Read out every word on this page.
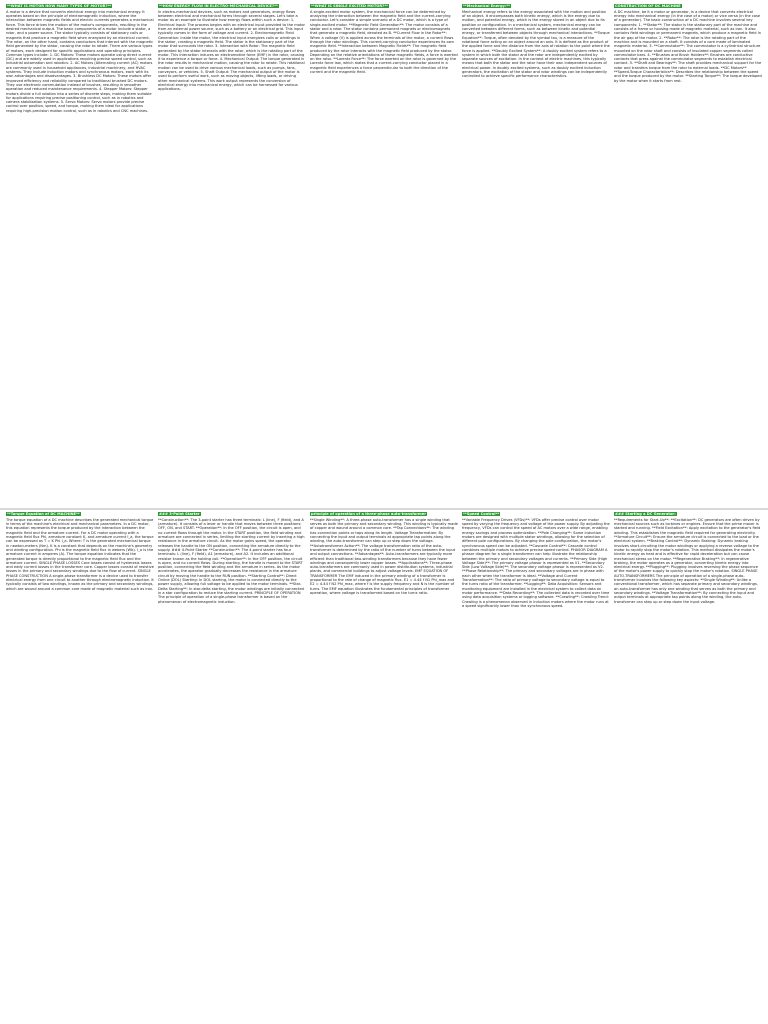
**WHAT IS MOTOR HOW MANY TYPES OF MOTOR?**

A motor is a device that converts electrical energy into mechanical energy. It operates based on the principle of electromagnetic induction, where the interaction between magnetic fields and electric currents generates a mechanical force. This force drives the motion of the motor's components, resulting in the desired mechanical output. The basic components of a motor include a stator, a rotor, and a power source. The stator typically consists of stationary coils or magnets that produce a magnetic field when energized by an electrical current. The rotor, on the other hand, contains conductors that interact with the magnetic field generated by the stator, causing the rotor to rotate. There are various types of motors, each designed for specific applications and operating principles. Common types include: 1. DC Motors: These motors operate using direct current (DC) and are widely used in applications requiring precise speed control, such as industrial automation and robotics. 2. AC Motors (Alternating current (AC) motors are commonly used in household appliances, industrial machinery, and HVAC systems. They include induction motors and synchronous motors, each with its own advantages and disadvantages. 3. Brushless DC Motors: These motors offer improved efficiency and reliability compared to traditional brushed DC motors. They use electronic commutation instead of brushes, resulting in smoother operation and reduced maintenance requirements. 4. Stepper Motors: Stepper motors divide a full rotation into a series of discrete steps, making them suitable for applications requiring precise positioning control, such as in robotics and camera stabilization systems. 5. Servo Motors: Servo motors provide precise control over position, speed, and torque, making them ideal for applications requiring high-precision motion control, such as in robotics and CNC machines.

**HOW ENERGY FLOW IN ELECTRO-MECHANICAL DEVICE?**

In electro-mechanical devices, such as motors and generators, energy flows between electrical and mechanical forms through several stages. Let's take a motor as an example to illustrate how energy flows within such a device: 1. Electrical Input: The process begins with an electrical input provided to the motor from an external power source, such as a battery or an electrical grid. This input typically comes in the form of voltage and current. 2. Electromagnetic Field Generation: Inside the motor, the electrical input energizes coils or windings in the stator, creating a magnetic field. The stator is the stationary part of the motor that surrounds the rotor. 3. Interaction with Rotor: The magnetic field generated by the stator interacts with the rotor, which is the rotating part of the motor. This interaction induces an electromotive force (EMF) in the rotor, causing it to experience a torque or force. 4. Mechanical Output: The torque generated in the rotor results in mechanical motion, causing the rotor to rotate. This rotational motion can be used to drive various mechanical loads, such as pumps, fans, conveyors, or vehicles. 5. Shaft Output: The mechanical output of the motor is used to perform useful work, such as moving objects, lifting loads, or driving other mechanical systems. This work output represents the conversion of electrical energy into mechanical energy, which can be harnessed for various applications.

**WHAT IS SINGLE EXCITED MOTOR?**

A single-excited motor system, the mechanical force can be determined by analyzing the interaction between the magnetic field and the current-carrying conductor. Let's consider a simple scenario of a DC motor, which is a type of single-excited motor. **Magnetic Field Generation**: The motor consists of a stator and a rotor. The stator contains permanent magnets or electromagnets that generate a magnetic field, denoted as B. **Current Flow in the Rotor**: When a voltage (V) is applied across the terminals of the motor, a current flows through the rotor windings. This current-carrying conductor experiences its own magnetic field. **Interaction between Magnetic Fields**: The magnetic field produced by the rotor interacts with the magnetic field produced by the stator. Depending on the relative orientations of these magnetic fields, a force is exerted on the rotor. **Lorentz Force**: The force exerted on the rotor is governed by the Lorentz force law, which states that a current-carrying conductor placed in a magnetic field experiences a force perpendicular to both the direction of the current and the magnetic field.

**Mechanical Energy:**

Mechanical energy refers to the energy associated with the motion and position of an object. It encompasses both kinetic energy, which is the energy due to motion, and potential energy, which is the energy stored in an object due to its position or configuration. In a mechanical system, mechanical energy can be converted between different forms, such as between kinetic and potential energy, or transferred between objects through mechanical interactions. **Torque Equation**: Torque, often denoted by the symbol tau, is a measure of the rotational force acting on an object around an axis. It is defined as the product of the applied force and the distance from the axis of rotation to the point where the force is applied. **Doubly Excited System**: A doubly excited system refers to a system in which both the stator and the rotor are independently excited by separate sources of excitation. In the context of electric machines, this typically means that both the stator and the rotor have their own independent sources of electrical power. In doubly excited systems, such as doubly excited induction generators, the excitation of the stator and rotor windings can be independently controlled to achieve specific performance characteristics.

CONSTRUCTION OF DC MACHINE

A DC machine, be it a motor or generator, is a device that converts electrical energy into mechanical energy (in the case of a motor) or vice versa (in the case of a generator). The basic construction of a DC machine involves several key components: 1. **Stator**: The stator is the stationary part of the machine and consists of a frame or housing made of magnetic material, such as iron. It also contains field windings or permanent magnets, which produce a magnetic field in the air gap of the motor. 2. **Rotor**: The rotor is the rotating part of the machine and is mounted on a shaft. It consists of a core made of laminated magnetic material. 3. **Commutator**: The commutator is a cylindrical structure mounted on the rotor shaft and consists of insulated copper segments called commutator bars. 4. **Brushes and Brush Holders**: Brushes are conductive contacts that press against the commutator segments to establish electrical contact. 5. **Shaft and Bearings**: The shaft provides mechanical support for the rotor and transfers torque from the rotor to external loads. **DC Motors** **Speed-Torque Characteristics**: Describes the relationship between the speed and the torque produced by the motor. **Starting Torque**: The torque developed by the motor when it starts from rest.

**Torque Equation of DC MACHINE**

The torque equation of a DC machine describes the generated mechanical torque in terms of the machine's electrical and mechanical parameters. In a DC motor, this equation represents the torque produced by the interaction between the magnetic field and the armature current. For a DC motor operating with a magnetic field flux Phi, armature constant K, and armature current I_a, the torque can be expressed as T = K Phi I_a. Where: T is the generated mechanical torque in newton-meters (Nm). K is a constant that depends on the machine's geometry and winding configuration. Phi is the magnetic field flux in webers (Wb). I_a is the armature current in amperes (A). The torque equation indicates that the generated torque is directly proportional to the magnetic field flux and the armature current. SINGLE PHASE LOSSES Core losses consist of hysteresis losses and eddy current losses in the transformer core. Copper losses consist of resistive losses in the primary and secondary windings due to the flow of current. SINGLE PHASE CONSTRUCTION A single-phase transformer is a device used to transfer electrical energy from one circuit to another through electromagnetic induction. It typically consists of two windings, known as the primary and secondary windings, which are wound around a common core made of magnetic material such as iron.

### 3-Point Starter

**Construction**: The 3-point starter has three terminals: L (line), F (field), and A (armature). It consists of a lever or handle that moves between three positions: OFF, ON, and START. **Operation**: In the OFF position, the circuit is open, and no current flows through the motor. In the START position, the field winding and armature are connected in series, limiting the starting current by inserting a high resistance in the armature circuit. As the motor gains speed, the operator releases the handle to the ON position, connecting the armature directly to the supply. ### 4-Point Starter **Construction**: The 4-point starter has four terminals: L (line), F (field), A1 (armature), and A2. It includes an additional resistor known as the holding coil. **Operation**: In the OFF position, the circuit is open, and no current flows. During starting, the handle is moved to the START position, connecting the field winding and the armature in series. As the motor accelerates, the operator gradually decreases the resistance in the armature circuit by moving the handle to the RUN position. **Starting Control**: Direct Online (DOL) Starting: In DOL starting, the motor is connected directly to the power supply, allowing full voltage to be applied to the motor terminals. **Star-Delta Starting**: In star-delta starting, the motor windings are initially connected in a star configuration to reduce the starting current. PRINCIPLE OF OPERATION The principle of operation of a single-phase transformer is based on the phenomenon of electromagnetic induction.

principle of operation of a three-phase auto-transformer

**Single Winding**: A three-phase auto-transformer has a single winding that serves as both the primary and secondary winding. This winding is typically made of copper and wound around a common core. **Tap Connections**: The winding has connection points or taps along its length. Voltage Transformation: By connecting the input and output terminals at appropriate tap points along the winding, the auto-transformer can step up or step down the voltage. **Autotransformer Action**: The voltage transformation ratio of the auto-transformer is determined by the ratio of the number of turns between the input and output connections. **Advantages**: Auto-transformers are typically more efficient than traditional two-winding transformers because they have fewer windings and consequently lower copper losses. **Applications**: Three-phase auto-transformers are commonly used in power distribution systems, industrial plants, and commercial buildings to adjust voltage levels. EMF EQUATION OF TRANSFORMER The EMF induced in the primary winding of a transformer is proportional to the rate of change of magnetic flux. E1 = 4.44 f N1 Phi_max and E2 = 4.44 f N2 Phi_max, where f is the supply frequency and N is the number of turns. The EMF equation illustrates the fundamental principles of transformer operation, where voltage is transformed based on the turns ratio.

**Speed Control**

**Variable Frequency Drives (VFDs)**: VFDs offer precise control over motor speed by varying the frequency and voltage of the power supply. By adjusting the frequency, VFDs can control the speed of AC motors over a wide range, enabling energy savings and process optimization. **Pole Changing**: Some induction motors are designed with multiple stator windings, allowing for the selection of different pole configurations. By changing the pole configuration, the motor's synchronous speed can be adjusted. **Cascade Control**: Cascade control combines multiple motors to achieve precise speed control. PHASOR DIAGRAM A phasor diagram for a single transformer can help illustrate the relationship between the primary and secondary voltages and currents. **Primary Side (High Voltage Side)**: The primary voltage phasor is represented as V1. **Secondary Side (Low Voltage Side)**: The secondary voltage phasor is represented as V2. **Phase Relationship**: The primary and secondary voltages are in phase with each other when the transformer is ideal. **Voltage and Current Transformation**: The ratio of primary voltage to secondary voltage is equal to the turns ratio of the transformer. **Logging**: Data Acquisition: Sensors and monitoring equipment are installed in the electrical system to collect data on motor performance. **Data Recording**: The collected data is recorded over time using data acquisition systems or logging software. **Crawling**: Crawling Trend: Crawling is a phenomenon observed in induction motors where the motor runs at a speed significantly lower than the synchronous speed.

### Starting a DC Generator:

**Requirements for Start-Up**: **Excitation**: DC generators are often driven by mechanical sources such as turbines or engines. Ensure that the prime mover is started and running. **Field Excitation**: Apply excitation to the generator's field winding. This establishes the magnetic field required for generating electricity. **Armature Circuit**: Ensure the armature circuit is connected to the load or the electrical system. **Braking Control**: Dynamic Braking: Dynamic braking involves short-circuiting the motor windings or applying a reverse voltage to the motor to rapidly stop the motor's rotation. This method dissipates the motor's kinetic energy as heat and is effective for rapid deceleration but can cause mechanical stress on the motor. **Regenerative Braking**: In regenerative braking, the motor operates as a generator, converting kinetic energy into electrical energy. **Plugging**: Plugging involves reversing the phase sequence of the motor's power supply to quickly stop the motor's rotation. SINGLE PHASE AUTO-TRANSFORMERS The principle of operation of a single-phase auto-transformer involves the following key aspects: **Single Winding**: Unlike a conventional transformer, which has separate primary and secondary windings, an auto-transformer has only one winding that serves as both the primary and secondary windings. **Voltage Transformation**: By connecting the input and output terminals at appropriate tap points along the winding, the auto-transformer can step up or step down the input voltage.
